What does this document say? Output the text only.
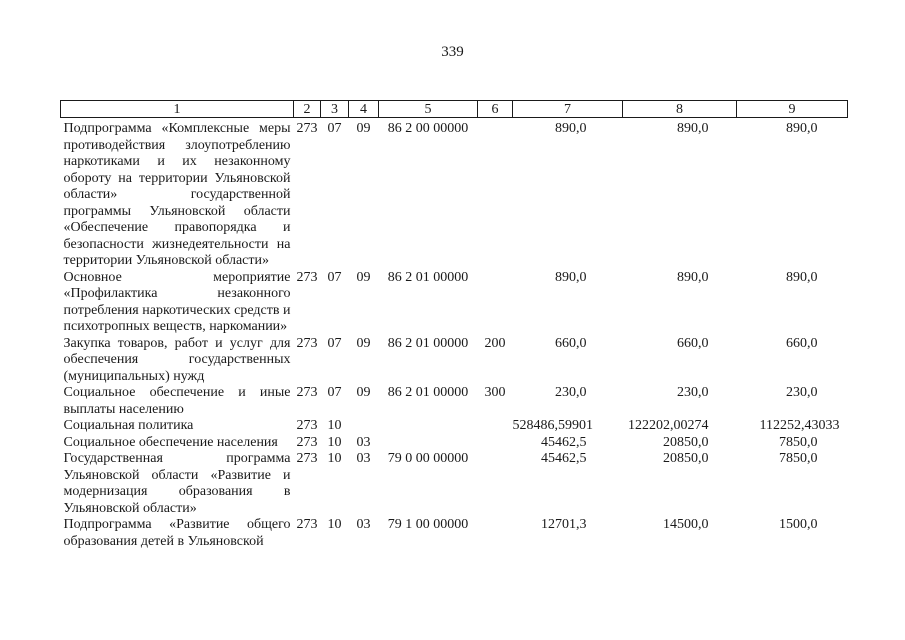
339
1	2	3	4	5	6	7	8	9
Подпрограмма «Комплексные меры противодействия злоупотреблению наркотиками и их незаконному обороту на территории Ульяновской области» государственной программы Ульяновской области «Обеспечение правопорядка и безопасности жизнедеятельности на территории Ульяновской области»	273	07	09	86 2 00 00000		890,0	890,0	890,0
Основное мероприятие «Профилактика незаконного потребления наркотических средств и психотропных веществ, наркомании»	273	07	09	86 2 01 00000		890,0	890,0	890,0
Закупка товаров, работ и услуг для обеспечения государственных (муниципальных) нужд	273	07	09	86 2 01 00000	200	660,0	660,0	660,0
Социальное обеспечение и иные выплаты населению	273	07	09	86 2 01 00000	300	230,0	230,0	230,0
Социальная политика	273	10				528486,59901	122202,00274	112252,43033
Социальное обеспечение населения	273	10	03			45462,5	20850,0	7850,0
Государственная программа Ульяновской области «Развитие и модернизация образования в Ульяновской области»	273	10	03	79 0 00 00000		45462,5	20850,0	7850,0
Подпрограмма «Развитие общего образования детей в Ульяновской	273	10	03	79 1 00 00000		12701,3	14500,0	1500,0
